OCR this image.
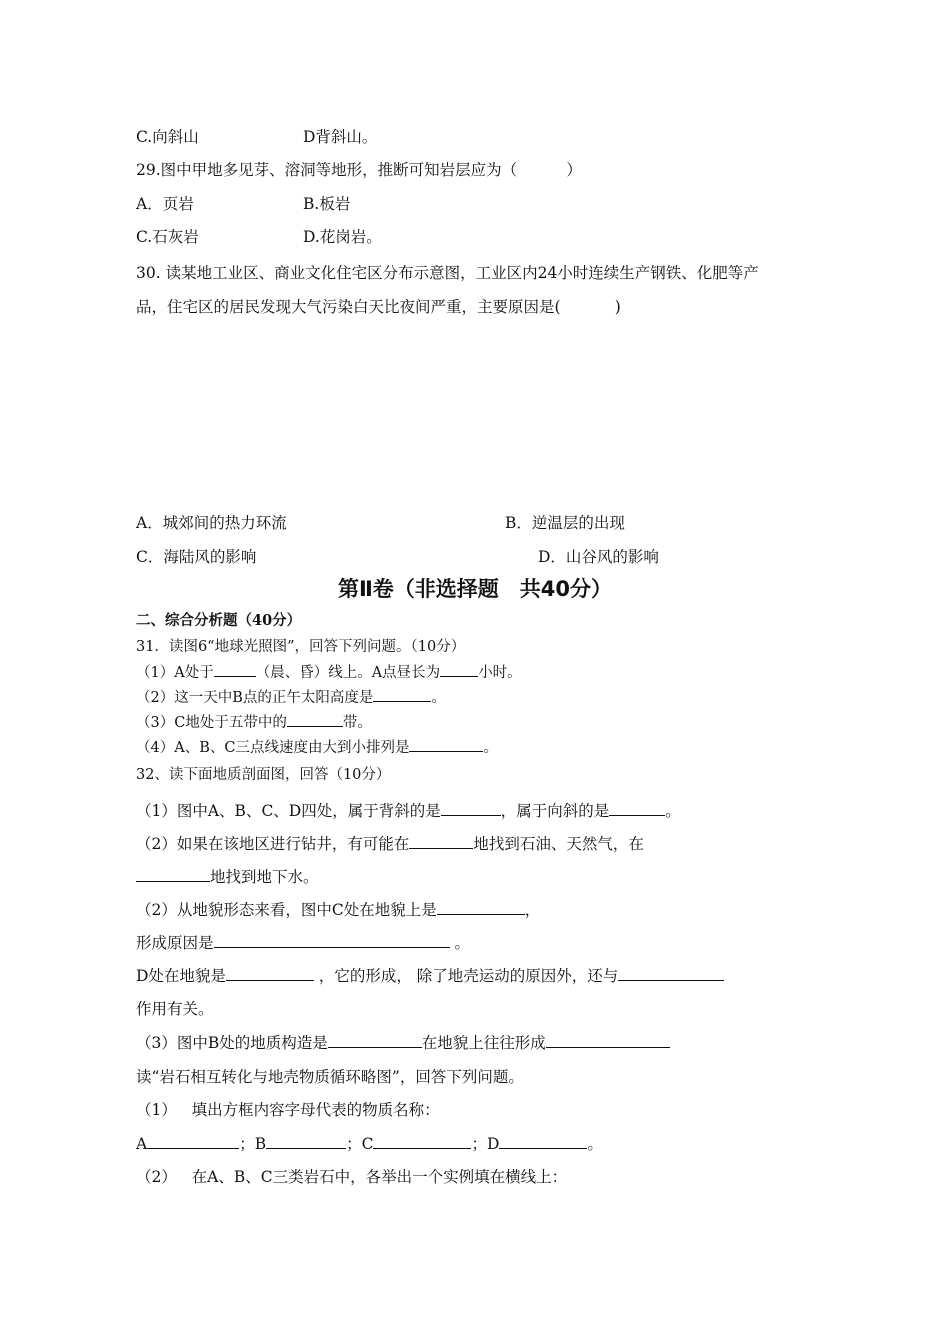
C.向斜山	D背斜山。
29.图中甲地多见芽、溶洞等地形，推断可知岩层应为（          ）
A．页岩	B.板岩
C.石灰岩	D.花岗岩。
30. 读某地工业区、商业文化住宅区分布示意图，工业区内24小时连续生产钢铁、化肥等产
品，住宅区的居民发现大气污染白天比夜间严重，主要原因是(           )
A．城郊间的热力环流	B．逆温层的出现
C．海陆风的影响	D．山谷风的影响
第Ⅱ卷（非选择题　共40分）
二、综合分析题（40分）
31．读图6“地球光照图”，回答下列问题。（10分）
（1）A处于	（晨、昏）线上。A点昼长为	小时。
（2）这一天中B点的正午太阳高度是	。
（3）C地处于五带中的	带。
（4）A、B、C三点线速度由大到小排列是	。
32、读下面地质剖面图，回答（10分）
（1）图中A、B、C、D四处，属于背斜的是	，属于向斜的是	。
（2）如果在该地区进行钻井，有可能在	地找到石油、天然气，在
地找到地下水。
（2）从地貌形态来看，图中C处在地貌上是	，
形成原因是	。
D处在地貌是	，它的形成， 除了地壳运动的原因外，还与
作用有关。
（3）图中B处的地质构造是	在地貌上往往形成
读“岩石相互转化与地壳物质循环略图”，回答下列问题。
（1）   填出方框内容字母代表的物质名称：
A	；B	；C	；D	。
（2）   在A、B、C三类岩石中，各举出一个实例填在横线上：
